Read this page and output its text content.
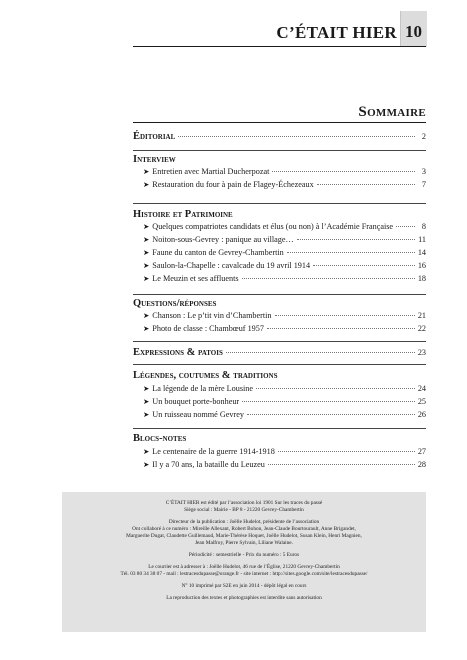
C’ÉTAIT HIER 10
Sommaire
Éditorial	2
Interview
➤ Entretien avec Martial Ducherpozat	3
➤ Restauration du four à pain de Flagey-Échezeaux	7
Histoire et Patrimoine
➤ Quelques compatriotes candidats et élus (ou non) à l’Académie Française	8
➤ Noiton-sous-Gevrey : panique au village…	11
➤ Faune du canton de Gevrey-Chambertin	14
➤ Saulon-la-Chapelle : cavalcade du 19 avril 1914	16
➤ Le Meuzin et ses affluents	18
Questions/réponses
➤ Chanson : Le p’tit vin d’Chambertin	21
➤ Photo de classe : Chambœuf 1957	22
Expressions & patois	23
Légendes, coutumes & traditions
➤ La légende de la mère Lousine	24
➤ Un bouquet porte-bonheur	25
➤ Un ruisseau nommé Gevrey	26
Blocs-notes
➤ Le centenaire de la guerre 1914-1918	27
➤ Il y a 70 ans, la bataille du Leuzeu	28
C’ÉTAIT HIER est édité par l’association loi 1901 Sur les traces du passé
Siège social : Mairie - BP 8 - 21220 Gevrey-Chambertin
Directeur de la publication : Joëlle Hudelot, présidente de l’association
Ont collaboré à ce numéro : Mireille Allexant, Robert Bohon, Jean-Claude Bourtourault, Anne Brigandet,
Marguerite Dugat, Claudette Guillemaud, Marie-Thérèse Hoquet, Joëlle Hudelot, Susan Klein, Henri Magnien,
Jean Malfroy, Pierre Sylvain, Liliane Walaine.
Périodicité : semestrielle - Prix du numéro : 5 Euros
Le courrier est à adresser à : Joëlle Hudelot, 46 rue de l’Église, 21220 Gevrey-Chambertin
Tél. 03 80 34 38 07 - mail : lestracesdupasse@orange.fr - site internet : http://sites.google.com/site/lestracesdupasse/
N° 10 imprimé par S2E en juin 2014 - dépôt légal en cours
La reproduction des textes et photographies est interdite sans autorisation
